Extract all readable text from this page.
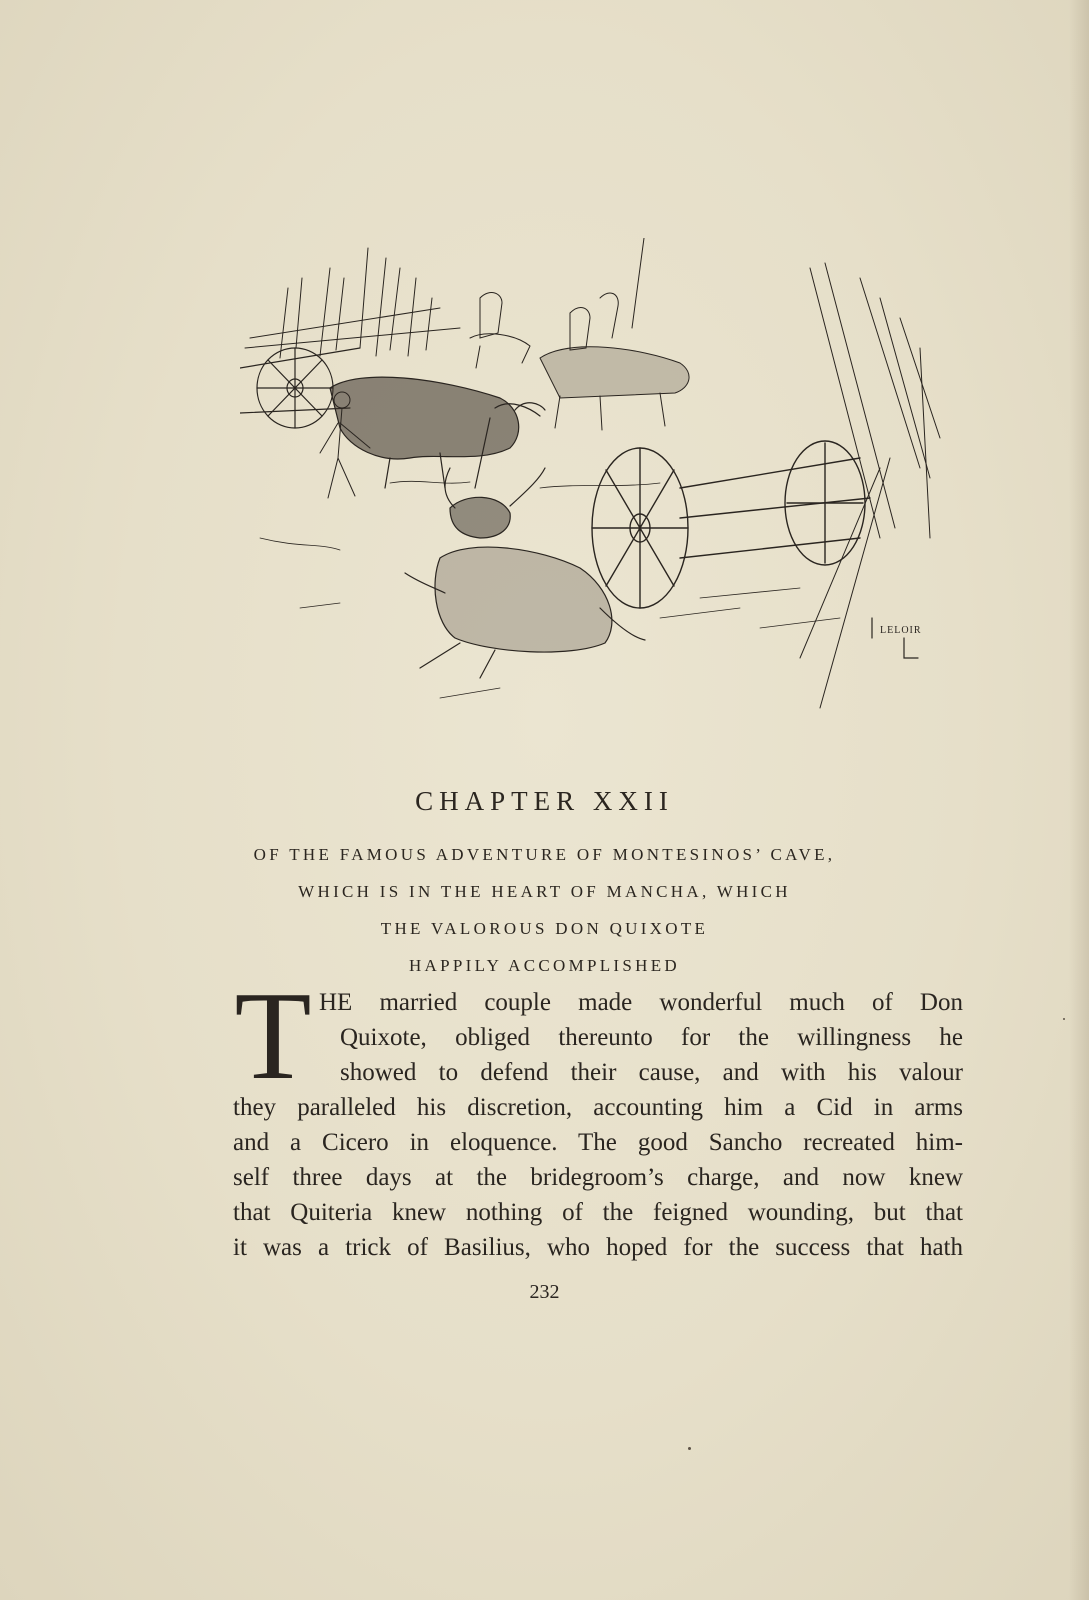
LELOIR
CHAPTER XXII
OF THE FAMOUS ADVENTURE OF MONTESINOS’ CAVE,
WHICH IS IN THE HEART OF MANCHA, WHICH
THE VALOROUS DON QUIXOTE
HAPPILY ACCOMPLISHED
T HE married couple made wonderful much of Don
Quixote, obliged thereunto for the willingness he
showed to defend their cause, and with his valour
they paralleled his discretion, accounting him a Cid in arms
and a Cicero in eloquence. The good Sancho recreated him-
self three days at the bridegroom’s charge, and now knew
that Quiteria knew nothing of the feigned wounding, but that
it was a trick of Basilius, who hoped for the success that hath
232
